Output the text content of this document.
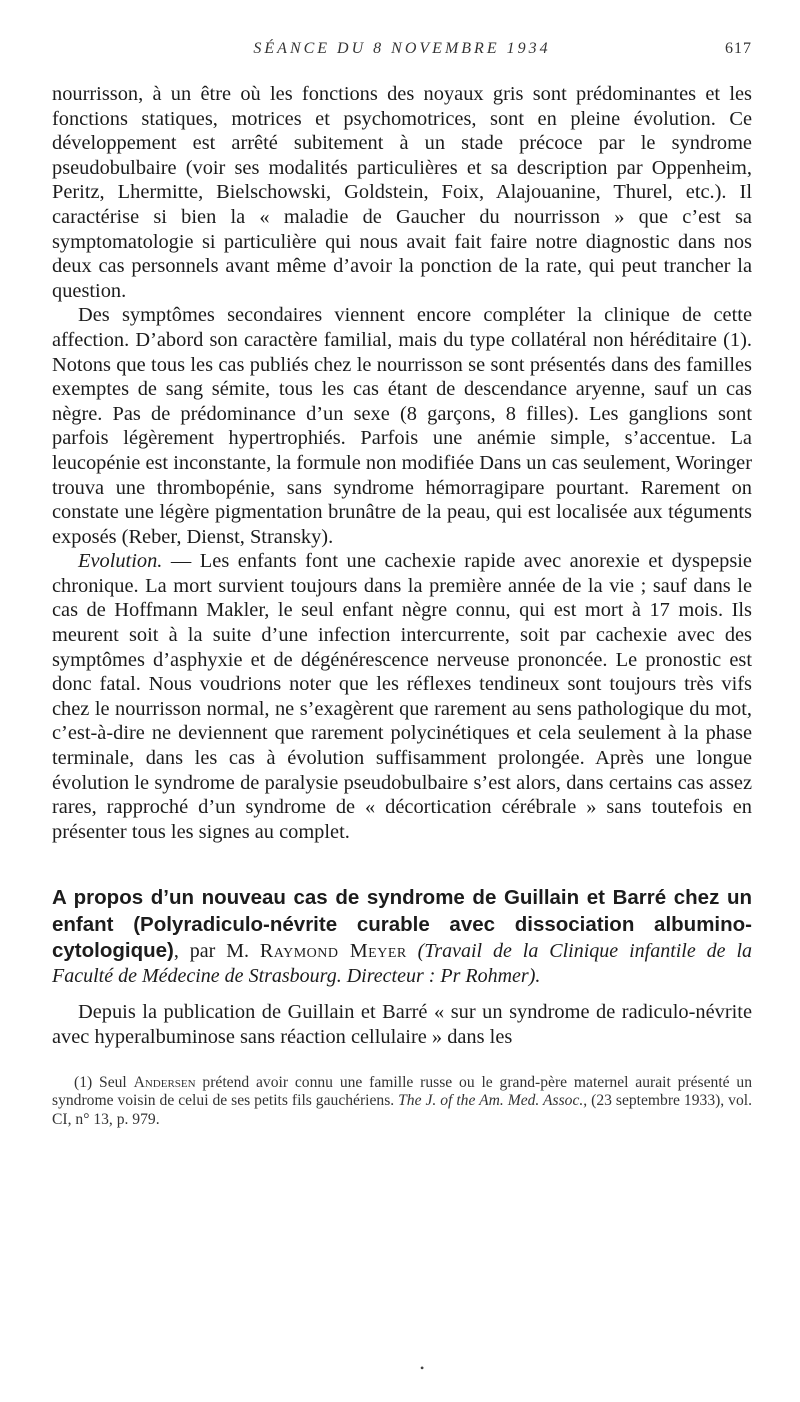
SÉANCE DU 8 NOVEMBRE 1934	617

nourrisson, à un être où les fonctions des noyaux gris sont prédominantes et les fonctions statiques, motrices et psychomotrices, sont en pleine évolution. Ce développement est arrêté subitement à un stade précoce par le syndrome pseudobulbaire (voir ses modalités particulières et sa description par Oppenheim, Peritz, Lhermitte, Bielschowski, Goldstein, Foix, Alajouanine, Thurel, etc.). Il caractérise si bien la « maladie de Gaucher du nourrisson » que c’est sa symptomatologie si particulière qui nous avait fait faire notre diagnostic dans nos deux cas personnels avant même d’avoir la ponction de la rate, qui peut trancher la question.

Des symptômes secondaires viennent encore compléter la clinique de cette affection. D’abord son caractère familial, mais du type collatéral non héréditaire (1). Notons que tous les cas publiés chez le nourrisson se sont présentés dans des familles exemptes de sang sémite, tous les cas étant de descendance aryenne, sauf un cas nègre. Pas de prédominance d’un sexe (8 garçons, 8 filles). Les ganglions sont parfois légèrement hypertrophiés. Parfois une anémie simple, s’accentue. La leucopénie est inconstante, la formule non modifiée Dans un cas seulement, Woringer trouva une thrombopénie, sans syndrome hémorragipare pourtant. Rarement on constate une légère pigmentation brunâtre de la peau, qui est localisée aux téguments exposés (Reber, Dienst, Stransky).

Evolution. — Les enfants font une cachexie rapide avec anorexie et dyspepsie chronique. La mort survient toujours dans la première année de la vie ; sauf dans le cas de Hoffmann Makler, le seul enfant nègre connu, qui est mort à 17 mois. Ils meurent soit à la suite d’une infection intercurrente, soit par cachexie avec des symptômes d’asphyxie et de dégénérescence nerveuse prononcée. Le pronostic est donc fatal. Nous voudrions noter que les réflexes tendineux sont toujours très vifs chez le nourrisson normal, ne s’exagèrent que rarement au sens pathologique du mot, c’est-à-dire ne deviennent que rarement polycinétiques et cela seulement à la phase terminale, dans les cas à évolution suffisamment prolongée. Après une longue évolution le syndrome de paralysie pseudobulbaire s’est alors, dans certains cas assez rares, rapproché d’un syndrome de « décortication cérébrale » sans toutefois en présenter tous les signes au complet.

A propos d’un nouveau cas de syndrome de Guillain et Barré chez un enfant (Polyradiculo-névrite curable avec dissociation albumino-cytologique), par M. Raymond Meyer (Travail de la Clinique infantile de la Faculté de Médecine de Strasbourg. Directeur : Pr Rohmer).

Depuis la publication de Guillain et Barré « sur un syndrome de radiculo-névrite avec hyperalbuminose sans réaction cellulaire » dans les

(1) Seul Andersen prétend avoir connu une famille russe ou le grand-père maternel aurait présenté un syndrome voisin de celui de ses petits fils gauchériens. The J. of the Am. Med. Assoc., (23 septembre 1933), vol. CI, n° 13, p. 979.

•
